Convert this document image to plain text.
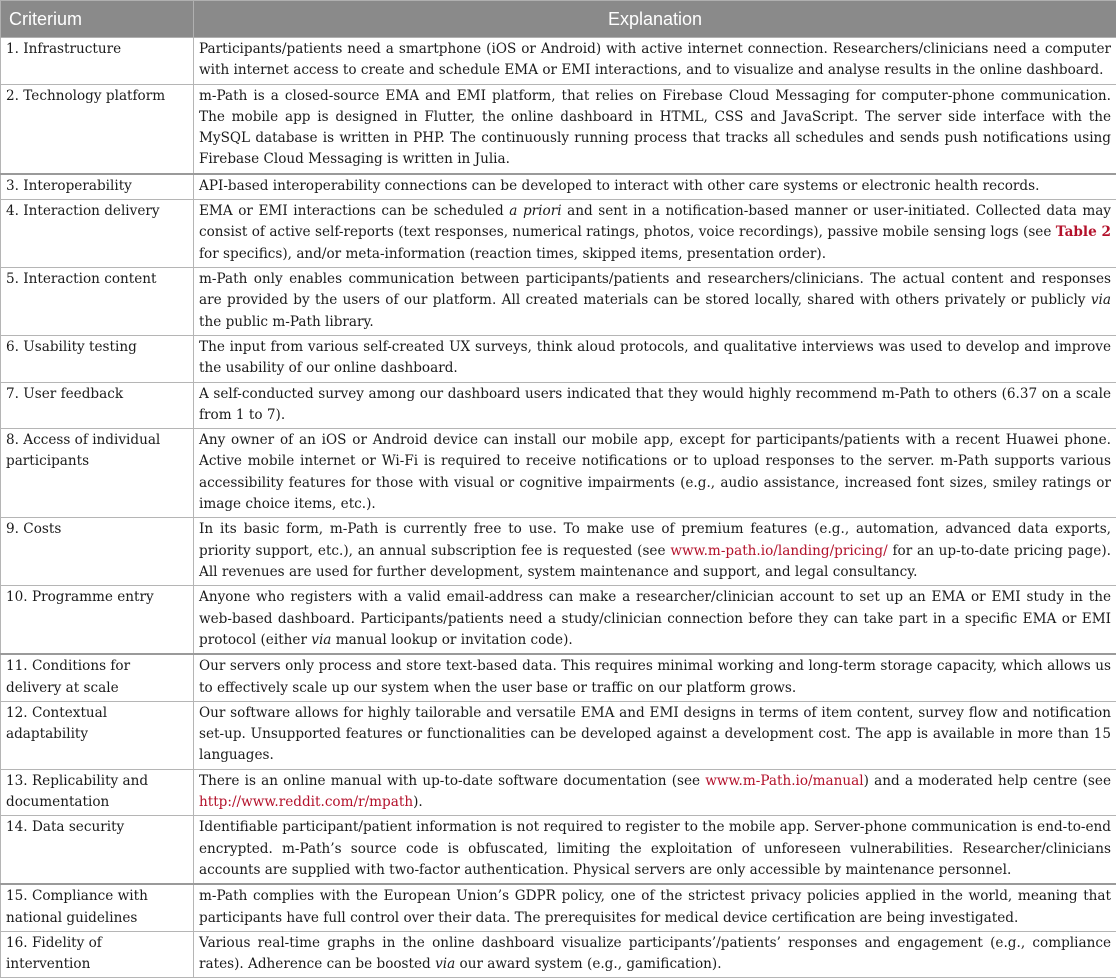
Criterium	Explanation
1. Infrastructure	Participants/patients need a smartphone (iOS or Android) with active internet connection. Researchers/clinicians need a computer with internet access to create and schedule EMA or EMI interactions, and to visualize and analyse results in the online dashboard.
2. Technology platform	m-Path is a closed-source EMA and EMI platform, that relies on Firebase Cloud Messaging for computer-phone communication. The mobile app is designed in Flutter, the online dashboard in HTML, CSS and JavaScript. The server side interface with the MySQL database is written in PHP. The continuously running process that tracks all schedules and sends push notifications using Firebase Cloud Messaging is written in Julia.
3. Interoperability	API-based interoperability connections can be developed to interact with other care systems or electronic health records.
4. Interaction delivery	EMA or EMI interactions can be scheduled a priori and sent in a notification-based manner or user-initiated. Collected data may consist of active self-reports (text responses, numerical ratings, photos, voice recordings), passive mobile sensing logs (see Table 2 for specifics), and/or meta-information (reaction times, skipped items, presentation order).
5. Interaction content	m-Path only enables communication between participants/patients and researchers/clinicians. The actual content and responses are provided by the users of our platform. All created materials can be stored locally, shared with others privately or publicly via the public m-Path library.
6. Usability testing	The input from various self-created UX surveys, think aloud protocols, and qualitative interviews was used to develop and improve the usability of our online dashboard.
7. User feedback	A self-conducted survey among our dashboard users indicated that they would highly recommend m-Path to others (6.37 on a scale from 1 to 7).
8. Access of individual participants	Any owner of an iOS or Android device can install our mobile app, except for participants/patients with a recent Huawei phone. Active mobile internet or Wi-Fi is required to receive notifications or to upload responses to the server. m-Path supports various accessibility features for those with visual or cognitive impairments (e.g., audio assistance, increased font sizes, smiley ratings or image choice items, etc.).
9. Costs	In its basic form, m-Path is currently free to use. To make use of premium features (e.g., automation, advanced data exports, priority support, etc.), an annual subscription fee is requested (see www.m-path.io/landing/pricing/ for an up-to-date pricing page). All revenues are used for further development, system maintenance and support, and legal consultancy.
10. Programme entry	Anyone who registers with a valid email-address can make a researcher/clinician account to set up an EMA or EMI study in the web-based dashboard. Participants/patients need a study/clinician connection before they can take part in a specific EMA or EMI protocol (either via manual lookup or invitation code).
11. Conditions for delivery at scale	Our servers only process and store text-based data. This requires minimal working and long-term storage capacity, which allows us to effectively scale up our system when the user base or traffic on our platform grows.
12. Contextual adaptability	Our software allows for highly tailorable and versatile EMA and EMI designs in terms of item content, survey flow and notification set-up. Unsupported features or functionalities can be developed against a development cost. The app is available in more than 15 languages.
13. Replicability and documentation	There is an online manual with up-to-date software documentation (see www.m-Path.io/manual) and a moderated help centre (see http://www.reddit.com/r/mpath).
14. Data security	Identifiable participant/patient information is not required to register to the mobile app. Server-phone communication is end-to-end encrypted. m-Path’s source code is obfuscated, limiting the exploitation of unforeseen vulnerabilities. Researcher/clinicians accounts are supplied with two-factor authentication. Physical servers are only accessible by maintenance personnel.
15. Compliance with national guidelines	m-Path complies with the European Union’s GDPR policy, one of the strictest privacy policies applied in the world, meaning that participants have full control over their data. The prerequisites for medical device certification are being investigated.
16. Fidelity of intervention	Various real-time graphs in the online dashboard visualize participants’/patients’ responses and engagement (e.g., compliance rates). Adherence can be boosted via our award system (e.g., gamification).
